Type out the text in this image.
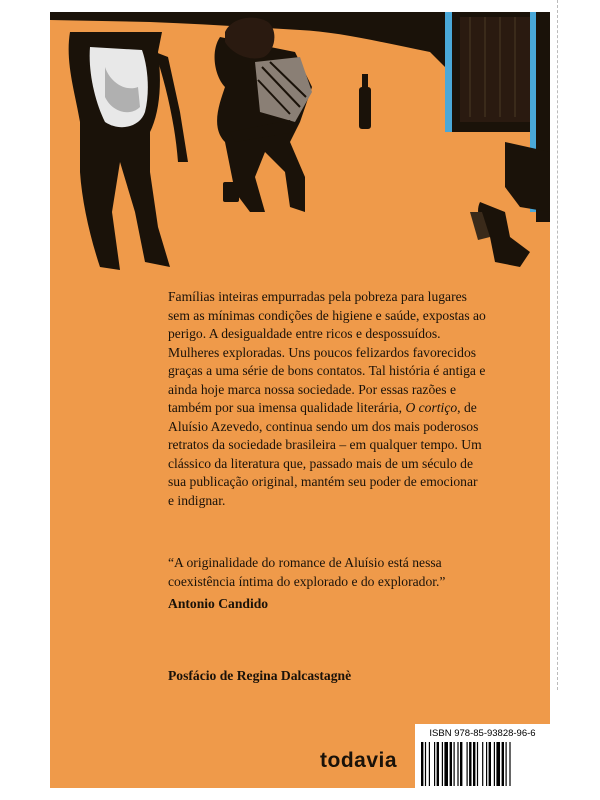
Famílias inteiras empurradas pela pobreza para lugares sem as mínimas condições de higiene e saúde, expostas ao perigo. A desigualdade entre ricos e despossuídos. Mulheres exploradas. Uns poucos felizardos favorecidos graças a uma série de bons contatos. Tal história é antiga e ainda hoje marca nossa sociedade. Por essas razões e também por sua imensa qualidade literária, O cortiço, de Aluísio Azevedo, continua sendo um dos mais poderosos retratos da sociedade brasileira – em qualquer tempo. Um clássico da literatura que, passado mais de um século de sua publicação original, mantém seu poder de emocionar e indignar.

“A originalidade do romance de Aluísio está nessa coexistência íntima do explorado e do explorador.”
Antonio Candido
Posfácio de Regina Dalcastagnè
todavia
ISBN 978-85-93828-96-6
